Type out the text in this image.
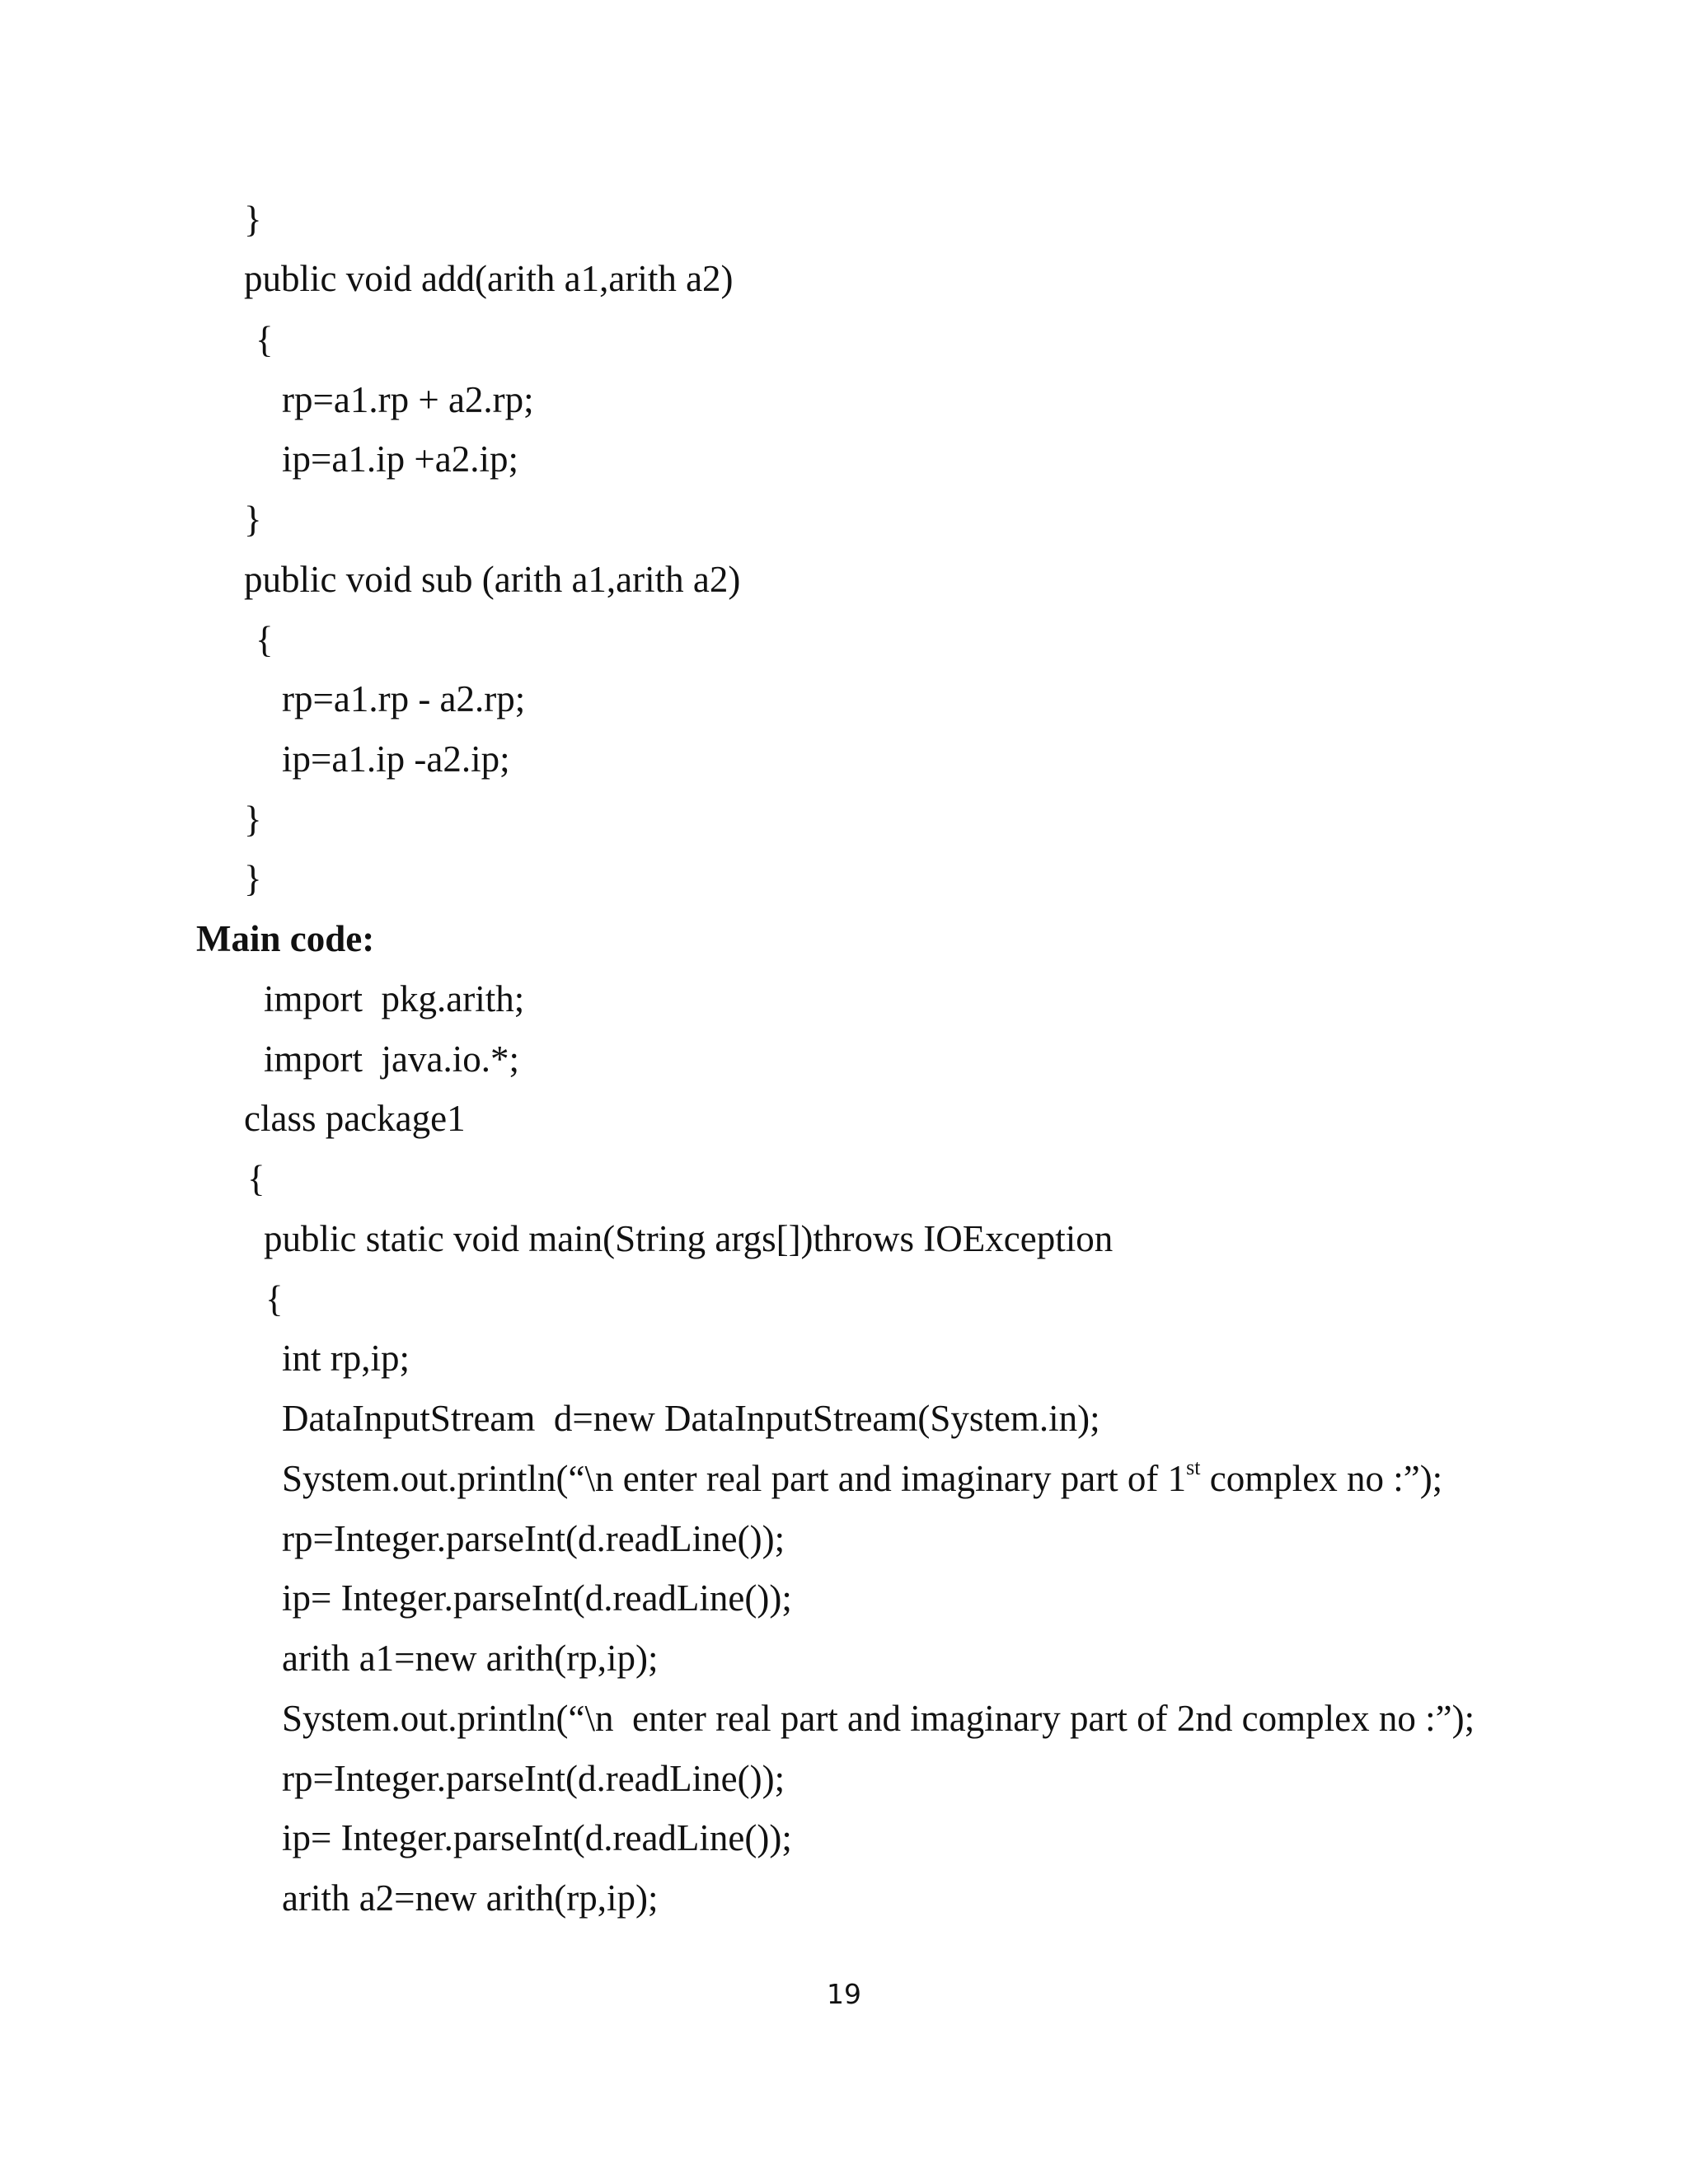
}
public void add(arith a1,arith a2)
{
rp=a1.rp + a2.rp;
ip=a1.ip +a2.ip;
}
public void sub (arith a1,arith a2)
{
rp=a1.rp - a2.rp;
ip=a1.ip -a2.ip;
}
}
Main code:
import  pkg.arith;
import  java.io.*;
class package1
{
public static void main(String args[])throws IOException
{
int rp,ip;
DataInputStream  d=new DataInputStream(System.in);
System.out.println(“\n enter real part and imaginary part of 1st complex no :”);
rp=Integer.parseInt(d.readLine());
ip= Integer.parseInt(d.readLine());
arith a1=new arith(rp,ip);
System.out.println(“\n  enter real part and imaginary part of 2nd complex no :”);
rp=Integer.parseInt(d.readLine());
ip= Integer.parseInt(d.readLine());
arith a2=new arith(rp,ip);
19
